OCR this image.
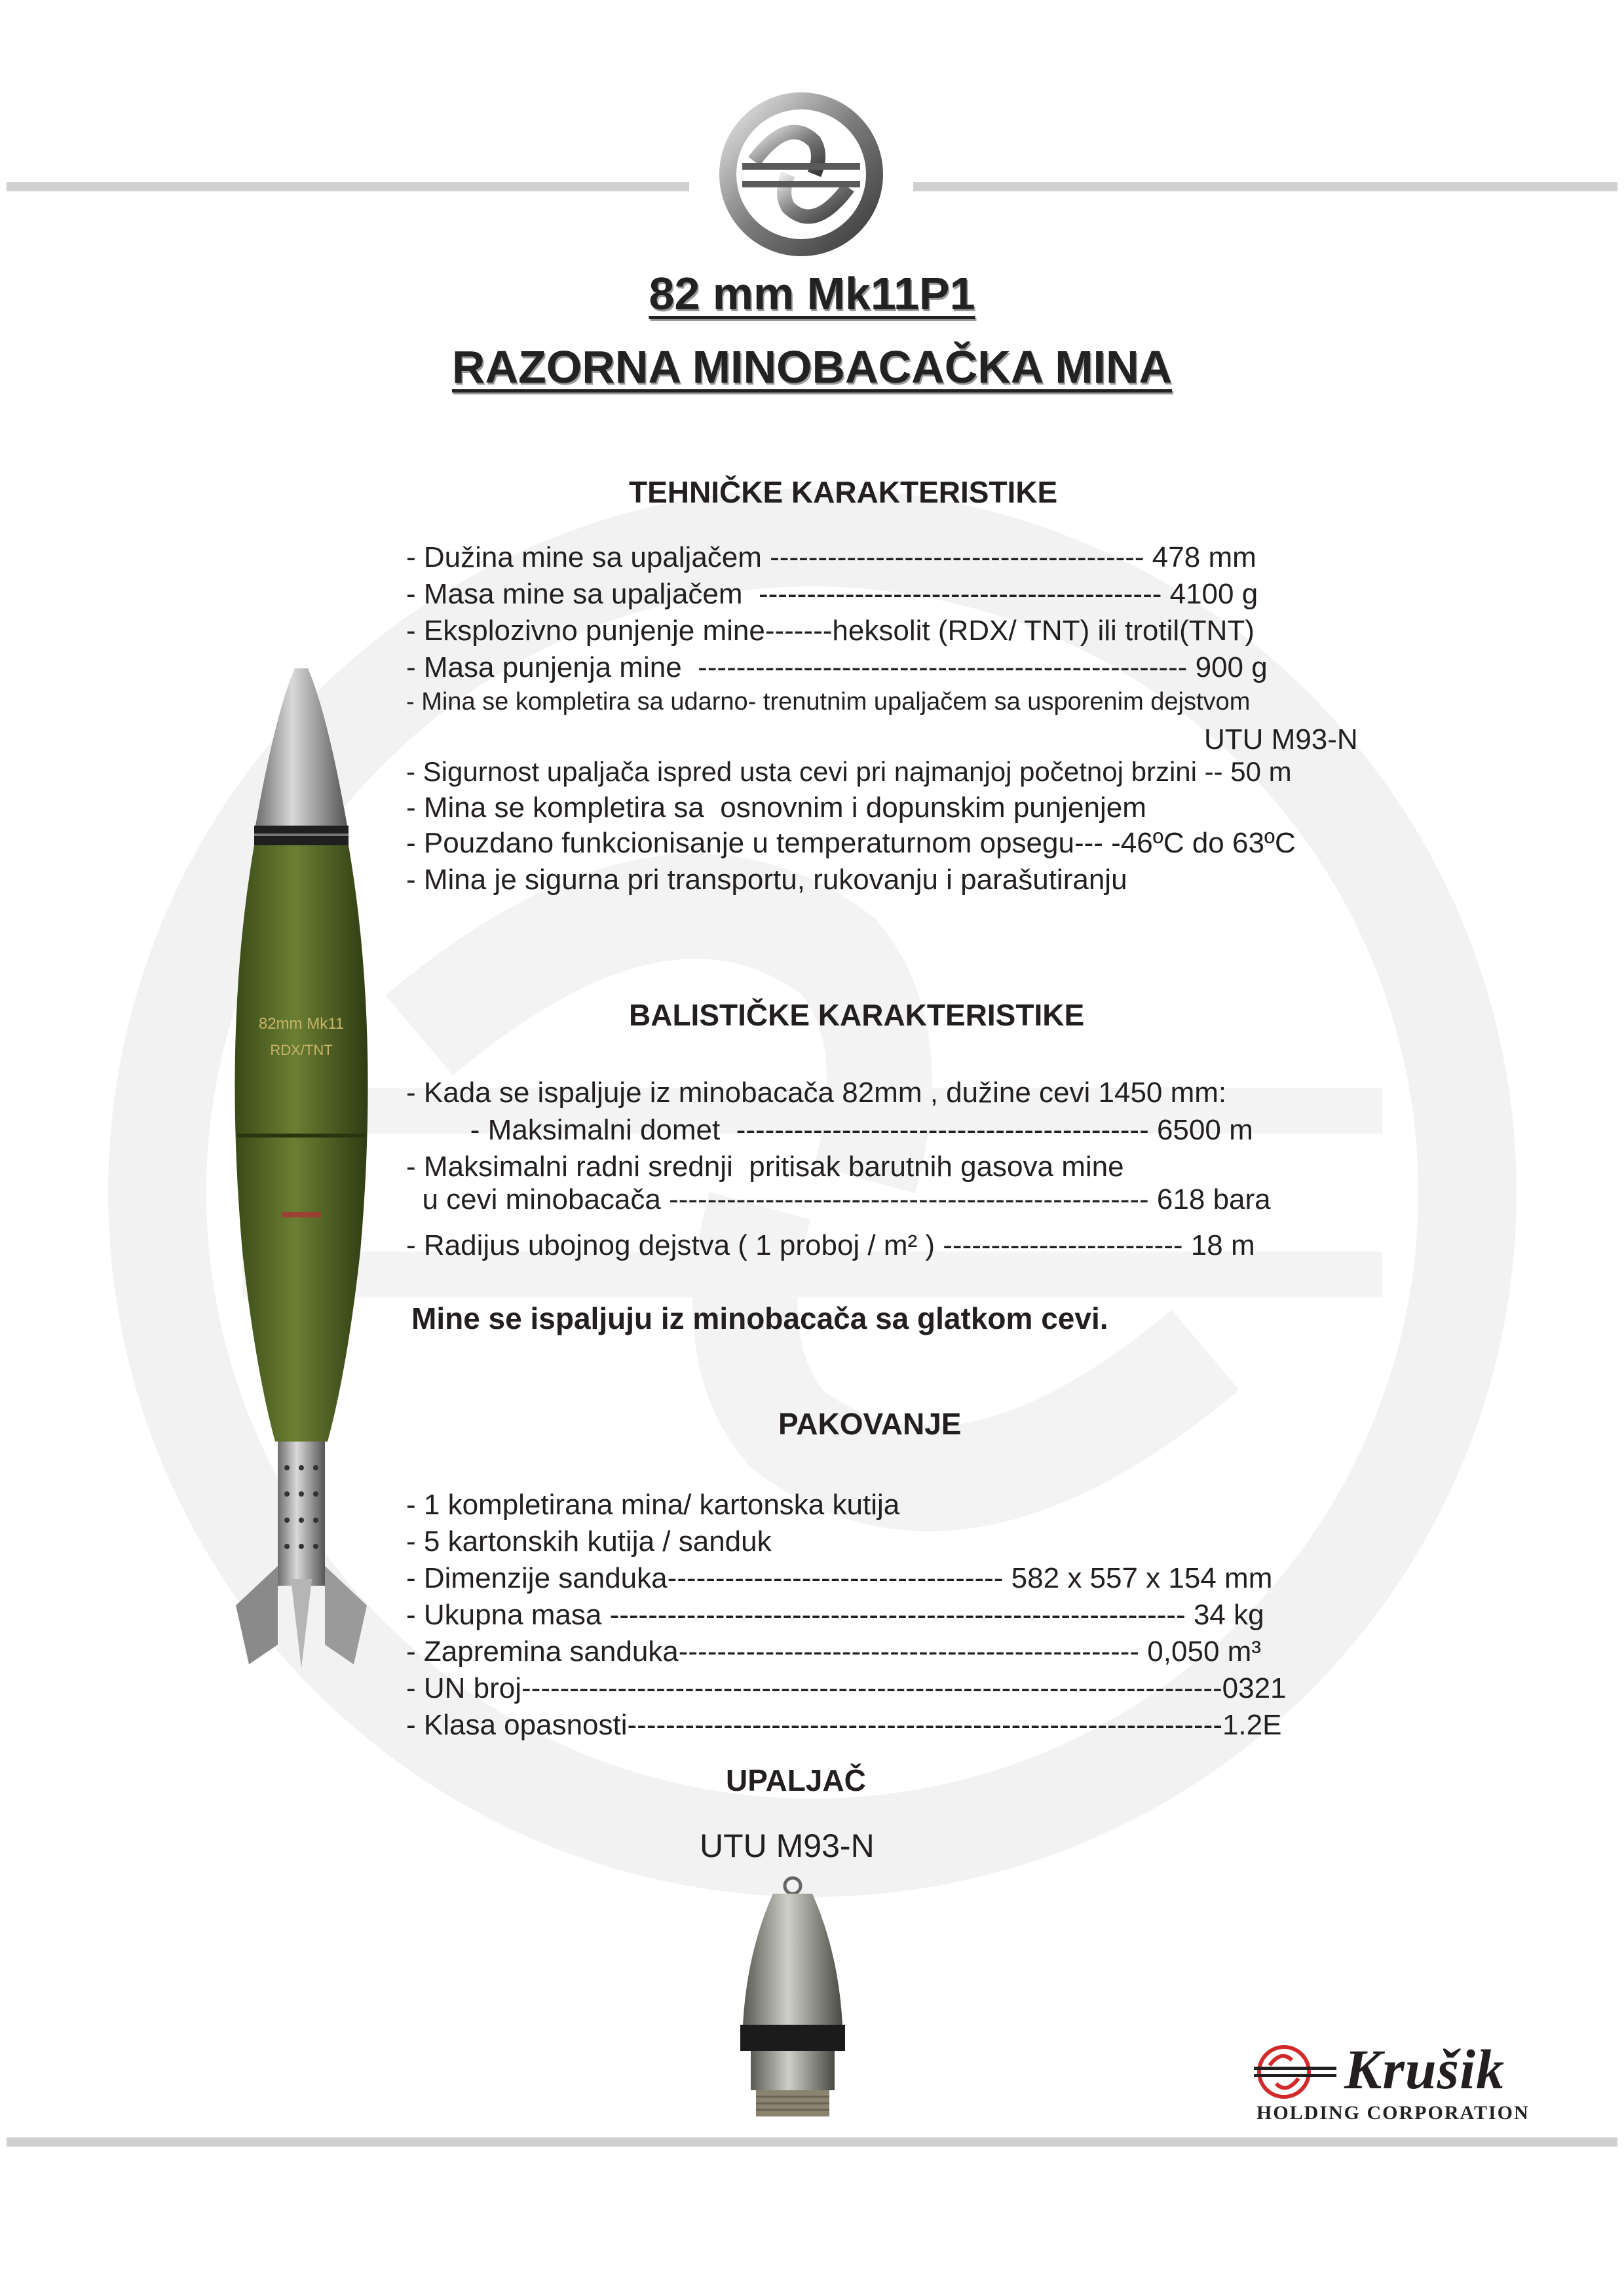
82 mm Mk11P1
RAZORNA MINOBACAČKA MINA
TEHNIČKE KARAKTERISTIKE
- Dužina mine sa upaljačem --------------------------------------- 478 mm
- Masa mine sa upaljačem  ------------------------------------------ 4100 g
- Eksplozivno punjenje mine-------heksolit (RDX/ TNT) ili trotil(TNT)
- Masa punjenja mine  --------------------------------------------------- 900 g
- Mina se kompletira sa udarno- trenutnim upaljačem sa usporenim dejstvom
UTU M93-N
- Sigurnost upaljača ispred usta cevi pri najmanjoj početnoj brzini -- 50 m
- Mina se kompletira sa  osnovnim i dopunskim punjenjem
- Pouzdano funkcionisanje u temperaturnom opsegu--- -46ºC do 63ºC
- Mina je sigurna pri transportu, rukovanju i parašutiranju
BALISTIČKE KARAKTERISTIKE
- Kada se ispaljuje iz minobacača 82mm , dužine cevi 1450 mm:
- Maksimalni domet  ------------------------------------------- 6500 m
- Maksimalni radni srednji  pritisak barutnih gasova mine
u cevi minobacača -------------------------------------------------- 618 bara
- Radijus ubojnog dejstva ( 1 proboj / m² ) ------------------------- 18 m
Mine se ispaljuju iz minobacača sa glatkom cevi.
PAKOVANJE
- 1 kompletirana mina/ kartonska kutija
- 5 kartonskih kutija / sanduk
- Dimenzije sanduka----------------------------------- 582 x 557 x 154 mm
- Ukupna masa ------------------------------------------------------------ 34 kg
- Zapremina sanduka------------------------------------------------ 0,050 m³
- UN broj-------------------------------------------------------------------------0321
- Klasa opasnosti--------------------------------------------------------------1.2E
UPALJAČ
UTU M93-N
82mm Mk11
RDX/TNT
Krušik
HOLDING CORPORATION
